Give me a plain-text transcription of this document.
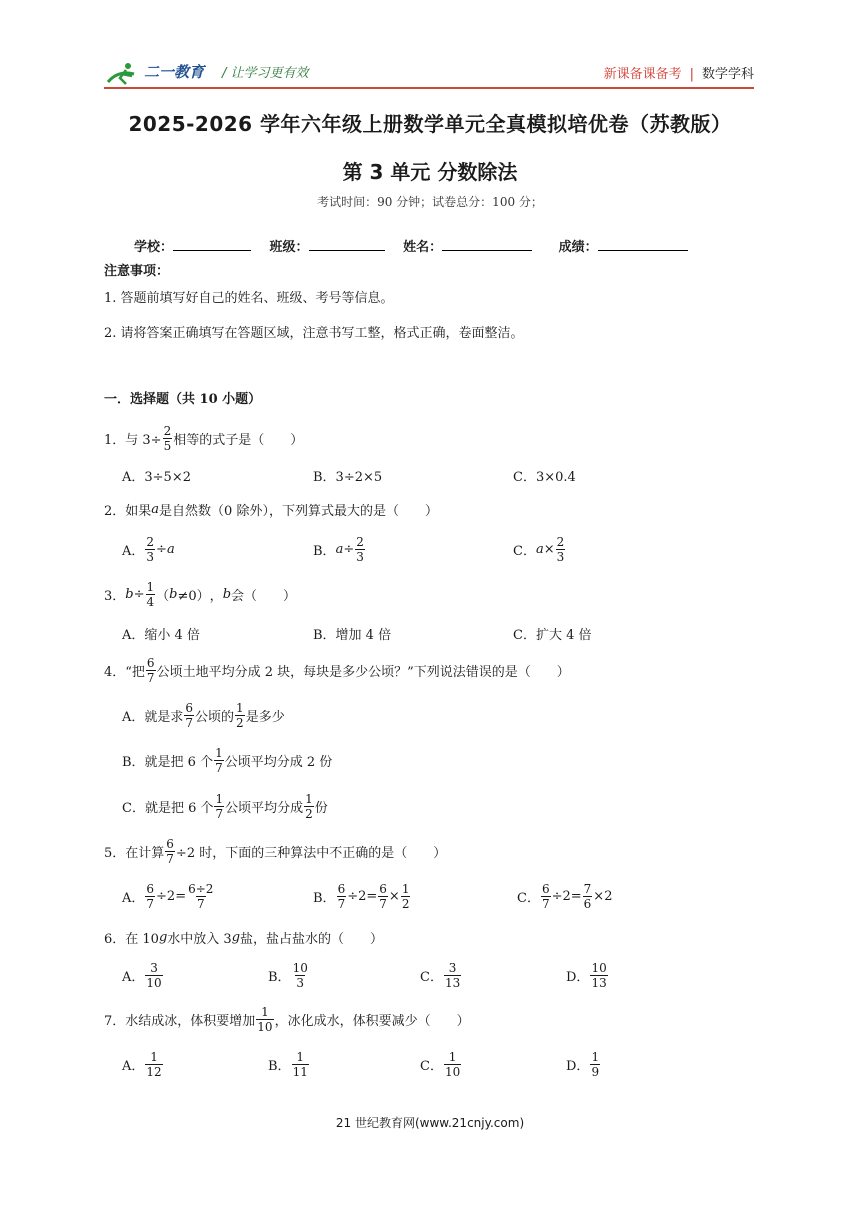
二一教育 / 让学习更有效	新课备课备考 | 数学学科
2025-2026 学年六年级上册数学单元全真模拟培优卷（苏教版）
第 3 单元 分数除法
考试时间：90 分钟；试卷总分：100 分；
学校：	班级：	姓名：	成绩：
注意事项：
1. 答题前填写好自己的姓名、班级、考号等信息。
2. 请将答案正确填写在答题区域，注意书写工整，格式正确，卷面整洁。
一．选择题（共 10 小题）
1．与 $3\div \frac{2}{5}$ 相等的式子是（　　）
A．3÷5×2	B．3÷2×5	C．3×0.4
2．如果 a 是自然数（0 除外），下列算式最大的是（　　）
A． $\frac{2}{3} \div a$	B． $a \div \frac{2}{3}$	C． $a \times \frac{2}{3}$
3． $b \div \frac{1}{4}$ （ b ≠0） ， b 会（　　）
A．缩小 4 倍	B．增加 4 倍	C．扩大 4 倍
4．“把 $\frac{6}{7}$ 公顷土地平均分成 2 块，每块是多少公顷？”下列说法错误的是（　　）
A．就是求 $\frac{6}{7}$ 公顷的 $\frac{1}{2}$ 是多少
B．就是把 6 个 $\frac{1}{7}$ 公顷平均分成 2 份
C．就是把 6 个 $\frac{1}{7}$ 公顷平均分成 $\frac{1}{2}$ 份
5．在计算 $\frac{6}{7} \div 2$ 时，下面的三种算法中不正确的是（　　）
A． $\frac{6}{7} \div 2= \frac{6\div 2}{7}$	B． $\frac{6}{7} \div 2= \frac{6}{7} \times \frac{1}{2}$	C． $\frac{6}{7} \div 2= \frac{7}{6} \times 2$
6．在 10 g 水中放入 3 g 盐，盐占盐水的（　　）
A． $\frac{3}{10}$	B． $\frac{10}{3}$	C． $\frac{3}{13}$	D． $\frac{10}{13}$
7．水结成冰，体积要增加 $\frac{1}{10}$ ，冰化成水，体积要减少（　　）
A． $\frac{1}{12}$	B． $\frac{1}{11}$	C． $\frac{1}{10}$	D． $\frac{1}{9}$
21 世纪教育网(www.21cnjy.com)
